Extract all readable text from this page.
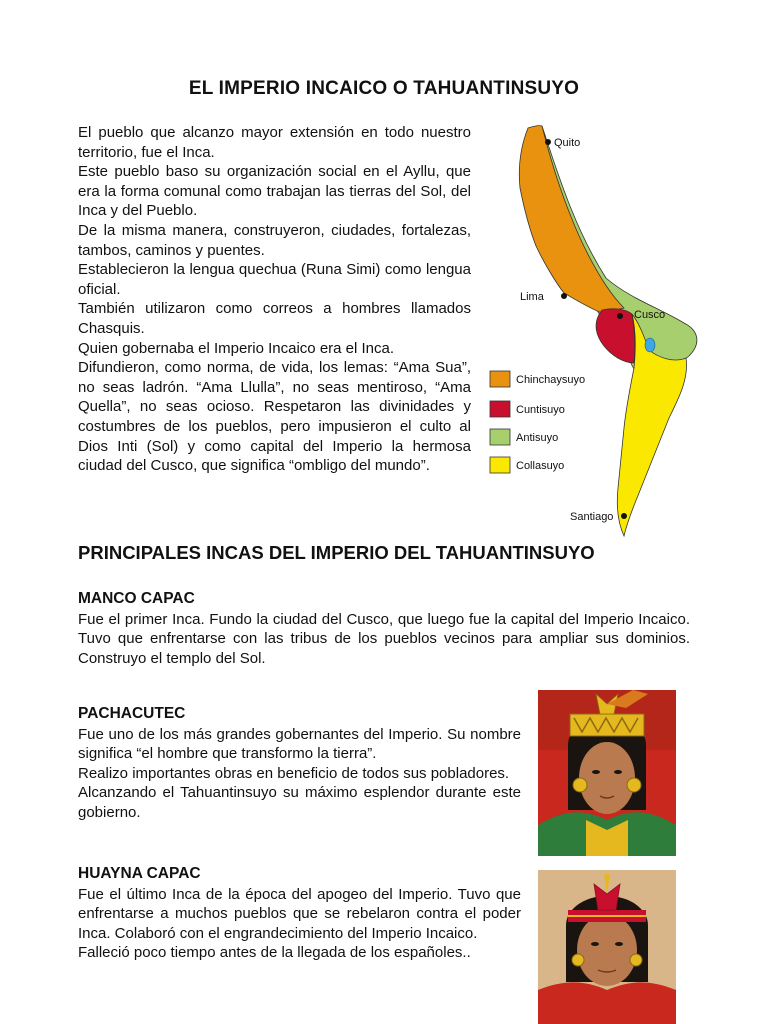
EL IMPERIO INCAICO O TAHUANTINSUYO

El pueblo que alcanzo mayor extensión en todo nuestro territorio, fue el Inca.

Este pueblo baso su organización social en el Ayllu, que era la forma comunal como trabajan las tierras del Sol, del Inca y del Pueblo.

De la misma manera, construyeron, ciudades, fortalezas, tambos, caminos y puentes.

Establecieron la lengua quechua (Runa Simi) como lengua oficial.

También utilizaron como correos a hombres llamados Chasquis.

Quien gobernaba el Imperio Incaico era el Inca.

Difundieron, como norma, de vida, los lemas: “Ama Sua”, no seas ladrón. “Ama Llulla”, no seas mentiroso, “Ama Quella”, no seas ocioso. Respetaron las divinidades y costumbres de los pueblos, pero impusieron el culto al Dios Inti (Sol) y como capital del Imperio la hermosa ciudad del Cusco, que significa “ombligo del mundo”.

Quito
Lima
Cusco
Santiago
Chinchaysuyo
Cuntisuyo
Antisuyo
Collasuyo
PRINCIPALES INCAS DEL IMPERIO DEL TAHUANTINSUYO
MANCO CAPAC

Fue el primer Inca. Fundo la ciudad del Cusco, que luego fue la capital del Imperio Incaico. Tuvo que enfrentarse con las tribus de los pueblos vecinos para ampliar sus dominios. Construyo el templo del Sol.

PACHACUTEC

Fue uno de los más grandes gobernantes del Imperio. Su nombre significa “el hombre que transformo la tierra”.

Realizo importantes obras en beneficio de todos sus pobladores.

Alcanzando el Tahuantinsuyo su máximo esplendor durante este gobierno.

HUAYNA CAPAC

Fue el último Inca de la época del apogeo del Imperio. Tuvo que enfrentarse a muchos pueblos que se rebelaron contra el poder Inca. Colaboró con el engrandecimiento del Imperio Incaico.

Falleció poco tiempo antes de la llegada de los españoles..
